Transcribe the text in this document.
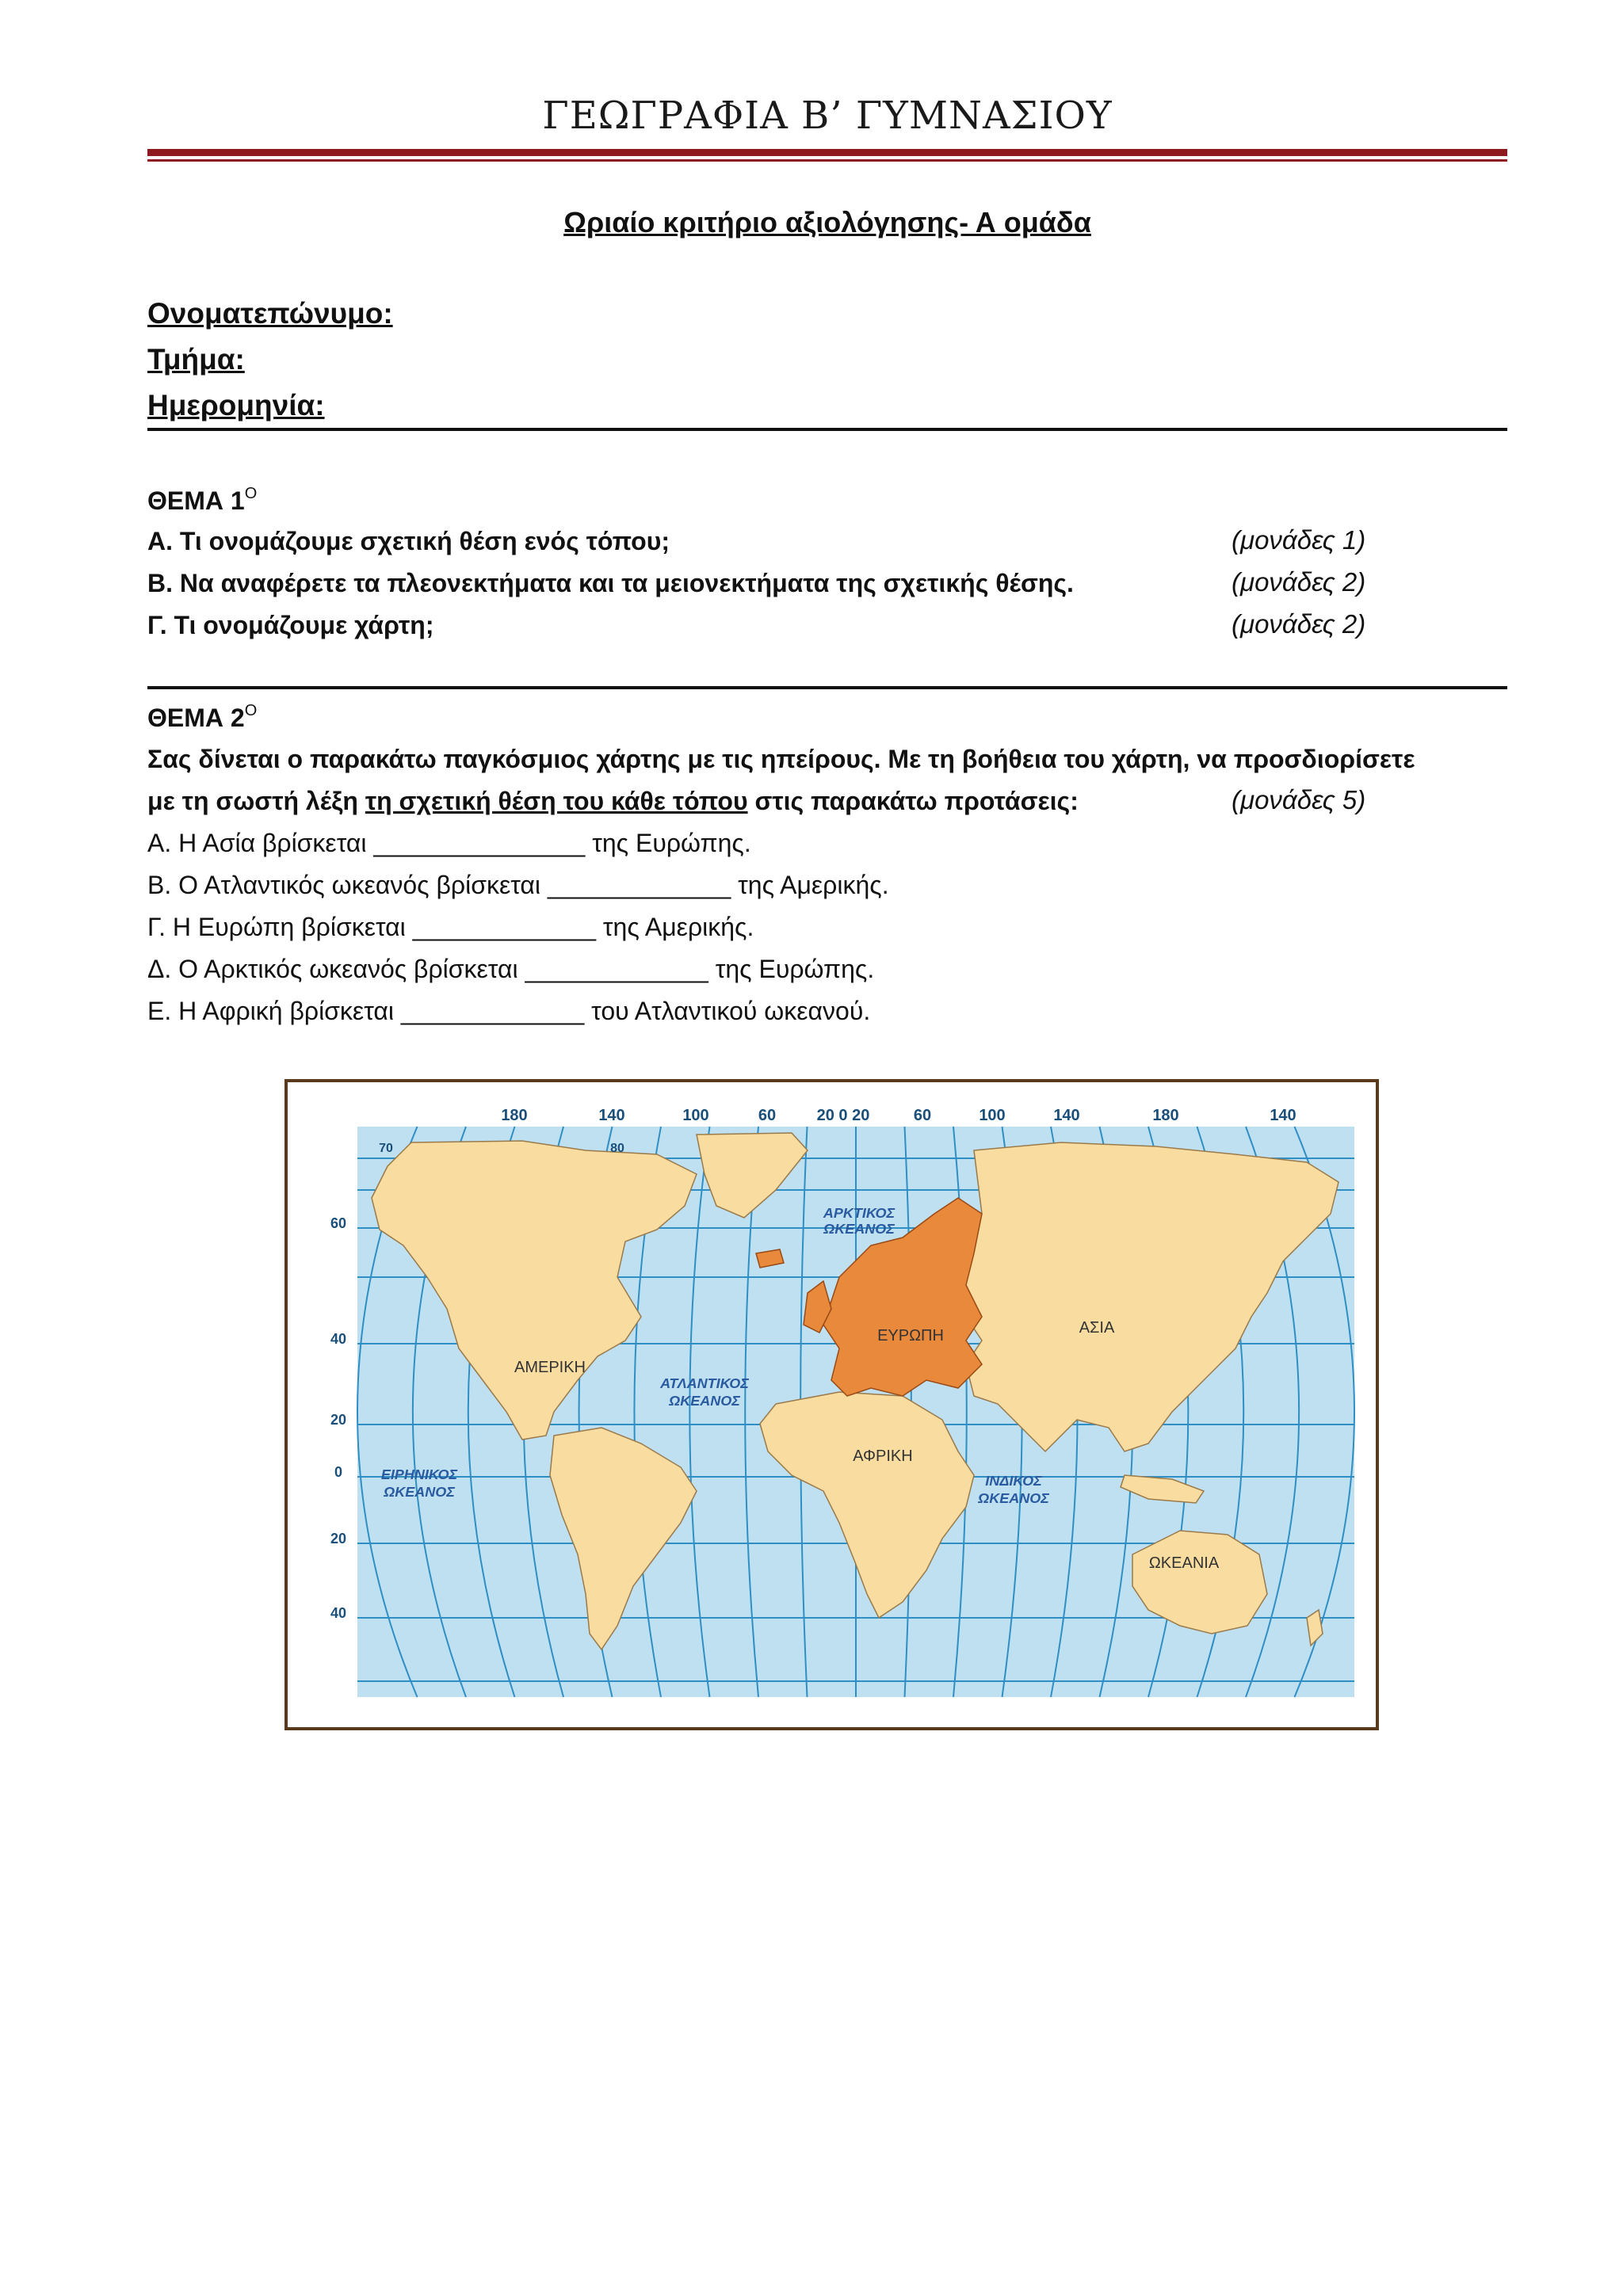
ΓΕΩΓΡΑΦΙΑ Β’ ΓΥΜΝΑΣΙΟΥ
Ωριαίο κριτήριο αξιολόγησης- Α ομάδα
Ονοματεπώνυμο:
Τμήμα:
Ημερομηνία:
ΘΕΜΑ $1^O$
Α. Τι ονομάζουμε σχετική θέση ενός τόπου;	(μονάδες 1)
Β. Να αναφέρετε τα πλεονεκτήματα και τα μειονεκτήματα της σχετικής θέσης.	(μονάδες 2)
Γ. Τι ονομάζουμε χάρτη;	(μονάδες 2)
ΘΕΜΑ $2^O$
Σας δίνεται ο παρακάτω παγκόσμιος χάρτης με τις ηπείρους. Με τη βοήθεια του χάρτη, να προσδιορίσετε
με τη σωστή λέξη τη σχετική θέση του κάθε τόπου στις παρακάτω προτάσεις:	(μονάδες 5)
Α. Η Ασία βρίσκεται _______________ της Ευρώπης.
Β. Ο Ατλαντικός ωκεανός βρίσκεται _____________ της Αμερικής.
Γ. Η Ευρώπη βρίσκεται _____________ της Αμερικής.
Δ. Ο Αρκτικός ωκεανός βρίσκεται _____________ της Ευρώπης.
Ε. Η Αφρική βρίσκεται _____________ του Ατλαντικού ωκεανού.
180	140	100	60	20 0 20	60	100	140	180	140
60
40
20
0
20
40
70	80
ΑΜΕΡΙΚΗ
ΕΥΡΩΠΗ	ΑΣΙΑ
ΑΦΡΙΚΗ
ΩΚΕΑΝΙΑ
ΑΡΚΤΙΚΟΣ
ΩΚΕΑΝΟΣ
ΑΤΛΑΝΤΙΚΟΣ
ΩΚΕΑΝΟΣ
ΕΙΡΗΝΙΚΟΣ
ΩΚΕΑΝΟΣ
ΙΝΔΙΚΟΣ
ΩΚΕΑΝΟΣ
